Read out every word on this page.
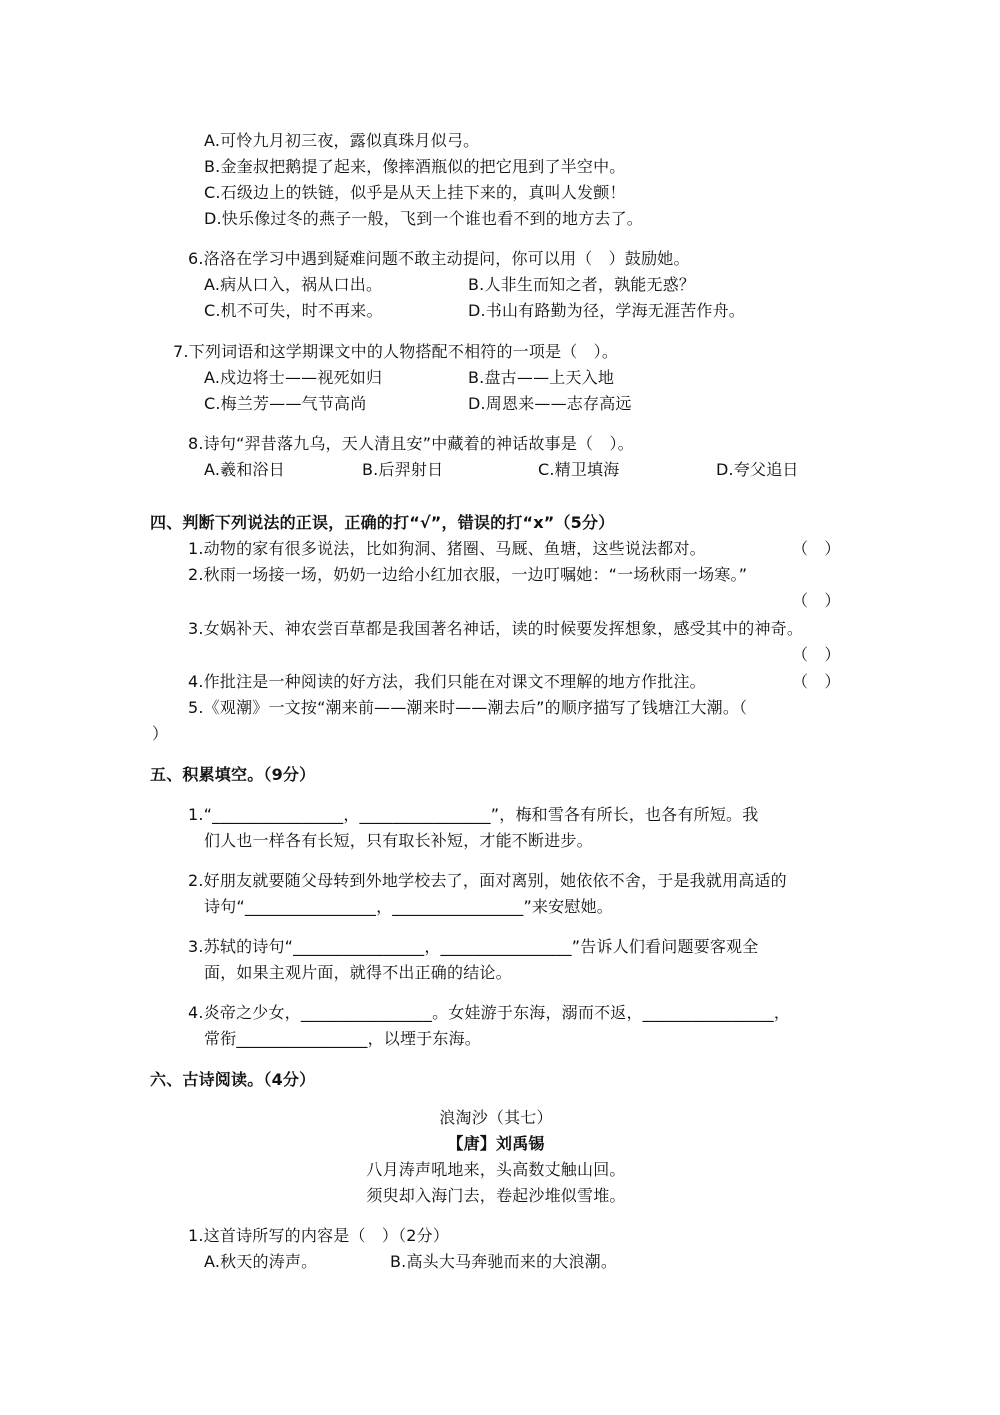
A.可怜九月初三夜，露似真珠月似弓。
B.金奎叔把鹅提了起来，像摔酒瓶似的把它甩到了半空中。
C.石级边上的铁链，似乎是从天上挂下来的，真叫人发颤！
D.快乐像过冬的燕子一般，飞到一个谁也看不到的地方去了。
6.洛洛在学习中遇到疑难问题不敢主动提问，你可以用（　）鼓励她。
A.病从口入，祸从口出。	B.人非生而知之者，孰能无惑？
C.机不可失，时不再来。	D.书山有路勤为径，学海无涯苦作舟。
7.下列词语和这学期课文中的人物搭配不相符的一项是（　）。
A.戍边将士——视死如归	B.盘古——上天入地
C.梅兰芳——气节高尚	D.周恩来——志存高远
8.诗句“羿昔落九乌，天人清且安”中藏着的神话故事是（　）。
A.羲和浴日	B.后羿射日	C.精卫填海	D.夸父追日
四、判断下列说法的正误，正确的打“√”，错误的打“x”（5分）
1.动物的家有很多说法，比如狗洞、猪圈、马厩、鱼塘，这些说法都对。	（　）
2.秋雨一场接一场，奶奶一边给小红加衣服，一边叮嘱她：“一场秋雨一场寒。”
（　）
3.女娲补天、神农尝百草都是我国著名神话，读的时候要发挥想象，感受其中的神奇。
（　）
4.作批注是一种阅读的好方法，我们只能在对课文不理解的地方作批注。	（　）
5.《观潮》一文按“潮来前——潮来时——潮去后”的顺序描写了钱塘江大潮。（
）
五、积累填空。（9分）
1.“________________，________________”，梅和雪各有所长，也各有所短。我
们人也一样各有长短，只有取长补短，才能不断进步。
2.好朋友就要随父母转到外地学校去了，面对离别，她依依不舍，于是我就用高适的
诗句“________________，________________”来安慰她。
3.苏轼的诗句“________________，________________”告诉人们看问题要客观全
面，如果主观片面，就得不出正确的结论。
4.炎帝之少女，________________。女娃游于东海，溺而不返，________________，
常衔________________，以堙于东海。
六、古诗阅读。（4分）
浪淘沙（其七）
【唐】刘禹锡
八月涛声吼地来，头高数丈触山回。
须臾却入海门去，卷起沙堆似雪堆。
1.这首诗所写的内容是（　）（2分）
A.秋天的涛声。	B.高头大马奔驰而来的大浪潮。
